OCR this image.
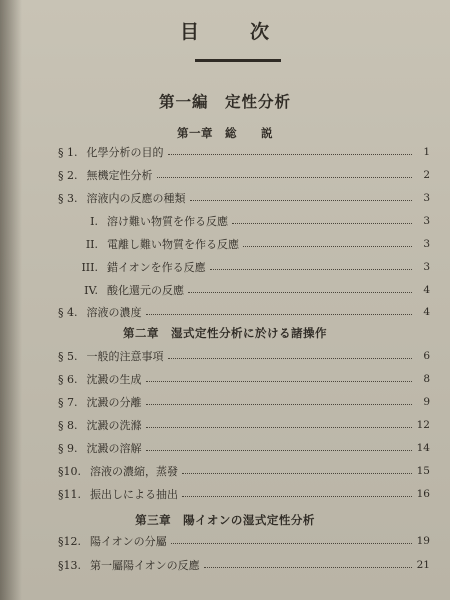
目	次
第一編　定性分析
第一章　総　　説
§ 1. 化學分析の目的	1
§ 2. 無機定性分析	2
§ 3. 溶液内の反應の種類	3
I. 溶け難い物質を作る反應	3
II. 電離し難い物質を作る反應	3
III. 錯イオンを作る反應	3
IV. 酸化還元の反應	4
§ 4. 溶液の濃度	4
第二章　湿式定性分析に於ける諸操作
§ 5. 一般的注意事項	6
§ 6. 沈澱の生成	8
§ 7. 沈澱の分離	9
§ 8. 沈澱の洗滌	12
§ 9. 沈澱の溶解	14
§10. 溶液の濃縮，蒸發	15
§11. 振出しによる抽出	16
第三章　陽イオンの湿式定性分析
§12. 陽イオンの分屬	19
§13. 第一屬陽イオンの反應	21
